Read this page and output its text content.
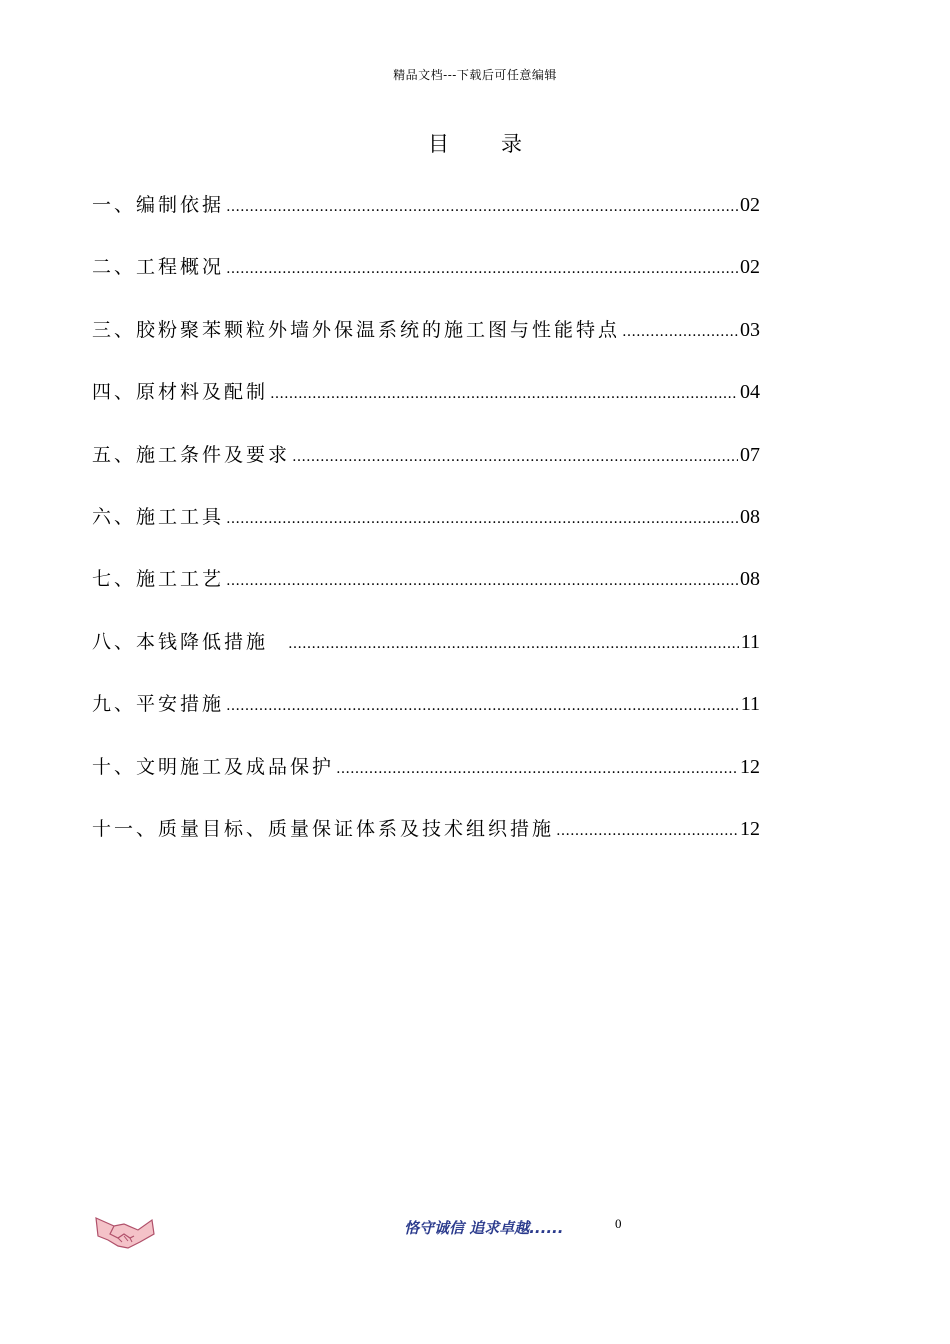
精品文档---下载后可任意编辑
目 录
一、编制依据 …………………………………………………………………………………………………………………………………………………………………	02
二、工程概况 …………………………………………………………………………………………………………………………………………………………………	02
三、胶粉聚苯颗粒外墙外保温系统的施工图与性能特点 …………………………………………………………………………………………………………………………………………………………………	03
四、原材料及配制 …………………………………………………………………………………………………………………………………………………………………	04
五、施工条件及要求 …………………………………………………………………………………………………………………………………………………………………	07
六、施工工具 …………………………………………………………………………………………………………………………………………………………………	08
七、施工工艺 …………………………………………………………………………………………………………………………………………………………………	08
八、本钱降低措施 …………………………………………………………………………………………………………………………………………………………………	11
九、平安措施 …………………………………………………………………………………………………………………………………………………………………	11
十、文明施工及成品保护 …………………………………………………………………………………………………………………………………………………………………	12
十一、质量目标、质量保证体系及技术组织措施 …………………………………………………………………………………………………………………………………………………………………	12
恪守诚信 追求卓越......	0
